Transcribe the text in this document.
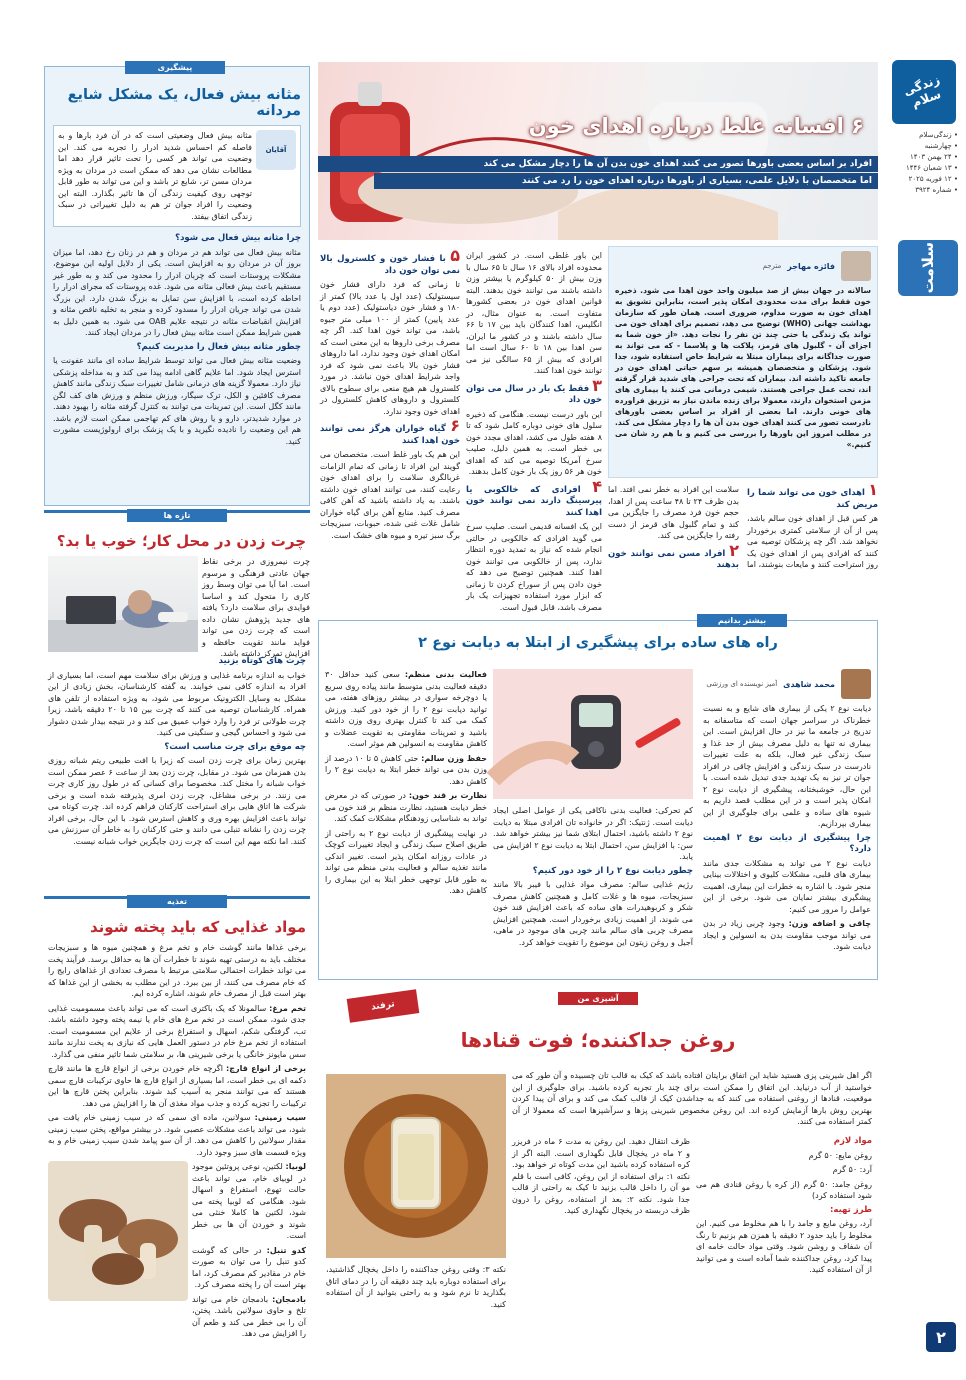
زندگی سلام
• زندگی‌سلام
• چهارشنبه
• ۲۴ بهمن ۱۴۰۳
• ۱۳ شعبان ۱۴۴۶
• ۱۲ فوریه ۲۰۲۵
• شماره ۳۹۲۴
سلامت
۲
۶ افسانه غلط درباره اهدای خون
افراد بر اساس بعضی باورها تصور می کنند اهدای خون بدن آن ها را دچار مشکل می کند
اما متخصصان با دلایل علمی، بسیاری از باورها درباره اهدای خون را رد می کنند
فائزه مهاجر
مترجم
سالانه در جهان بیش از صد میلیون واحد خون اهدا می شود. ذخیره خون فقط برای مدت محدودی امکان پذیر است، بنابراین تشویق به اهدای خون به صورت مداوم، ضروری است. همان طور که سازمان بهداشت جهانی (WHO) توضیح می دهد، تصمیم برای اهدای خون می تواند یک زندگی یا حتی چند تن نفر را نجات دهد. «از خون شما به اجزای آن - گلبول های قرمز، پلاکت ها و پلاسما - که می تواند به صورت جداگانه برای بیماران مبتلا به شرایط خاص استفاده شود، جدا شود. پزشکان و متخصصان همیشه بر سهم حیاتی اهدای خون در جامعه تاکید داشته اند. بیماران که تحت جراحی های شدید قرار گرفته اند، تحت عمل جراحی هستند. شیمی درمانی می کنند یا بیماری های مزمن استخوان دارند، معمولا برای زنده ماندن نیاز به تزریق فراورده های خونی دارند. اما بعضی از افراد بر اساس بعضی باورهای نادرست تصور می کنند اهدای خون بدن آن ها را دچار مشکل می کند. در مطلب امروز این باورها را بررسی می کنیم و با هم رد شان می کنیم.»

این باور غلطی است. در کشور ایران محدوده افراد بالای ۱۶ سال تا ۶۵ سال با وزن بیش از ۵۰ کیلوگرم یا بیشتر وزن داشته باشند می توانند خون بدهند. البته قوانین اهدای خون در بعضی کشورها متفاوت است. به عنوان مثال، در انگلیس، اهدا کنندگان باید بین ۱۷ تا ۶۶ سال داشته باشند و در کشور ما ایران، سن اهدا بین ۱۸ تا ۶۰ سال است اما افرادی که بیش از ۶۵ سالگی نیز می توانند خون اهدا کنند.

۳ فقط یک بار در سال می توان خون داد

این باور درست نیست. هنگامی که ذخیره سلول های خونی دوباره کامل شود که تا ۸ هفته طول می کشد، اهدای مجدد خون بی خطر است. به همین دلیل، صلیب سرخ آمریکا توصیه می کند که اهدای خون هر ۵۶ روز یک بار خون کامل بدهند.

۴ افرادی که خالکوبی یا پیرسینگ دارند نمی توانند خون اهدا کنند

این یک افسانه قدیمی است. صلیب سرخ می گوید افرادی که خالکوبی در حالتی انجام شده که نیاز به تمدید دوره انتظار ندارد، پس از خالکوبی می توانند خون اهدا کنند. همچنین توضیح می دهد که خون دادن پس از سوراخ کردن تا زمانی که ابزار مورد استفاده تجهیزات یک بار مصرف باشد، قابل قبول است.

۵ با فشار خون و کلسترول بالا نمی توان خون داد

تا زمانی که فرد دارای فشار خون سیستولیک (عدد اول یا عدد بالا) کمتر از ۱۸۰ و فشار خون دیاستولیک (عدد دوم یا عدد پایین) کمتر از ۱۰۰ میلی متر جیوه باشد، می تواند خون اهدا کند. اگر چه مصرف برخی داروها به این معنی است که امکان اهدای خون وجود ندارد، اما داروهای فشار خون بالا باعث نمی شود که فرد واجد شرایط اهدای خون نباشد. در مورد کلسترول هم هیچ منعی برای سطوح بالای کلسترول و داروهای کاهش کلسترول در اهدای خون وجود ندارد.

۶ گیاه خواران هرگز نمی توانند خون اهدا کنند

این هم یک باور غلط است. متخصصان می گویند این افراد تا زمانی که تمام الزامات غربالگری سلامت را برای اهدای خون رعایت کنند، می توانند اهدای خون داشته باشند. به یاد داشته باشید که آهن کافی مصرف کنید. منابع آهن برای گیاه خواران شامل غلات غنی شده، حبوبات، سبزیجات برگ سبز تیره و میوه های خشک است.

۱ اهدای خون می تواند شما را مریض کند

هر کس قبل از اهدای خون سالم باشد، پس از آن از سلامتی کمتری برخوردار نخواهد شد. اگر چه پزشکان توصیه می کنند که افرادی پس از اهدای خون یک روز استراحت کنند و مایعات بنوشند، اما سلامت این افراد به خطر نمی افتد. اما بدن ظرف ۲۴ تا ۴۸ ساعت پس از اهدا، حجم خون فرد مصرف را جایگزین می کند و تمام گلبول های قرمز از دست رفته را جایگزین می کند.

۲ افراد مسن نمی توانند خون بدهند
پیشگیری
مثانه بیش فعال، یک مشکل شایع مردانه
آقایان
مثانه بیش فعال وضعیتی است که در آن فرد بارها و به فاصله کم احساس شدید ادرار را تجربه می کند. این وضعیت می تواند هر کسی را تحت تاثیر قرار دهد اما مطالعات نشان می دهد که ممکن است در مردان به ویژه مردان مسن تر، شایع تر باشد و این می تواند به طور قابل توجهی روی کیفیت زندگی آن ها تاثیر بگذارد. البته این وضعیت را افراد جوان تر هم به دلیل تغییراتی در سبک زندگی اتفاق بیفتد.
چرا مثانه بیش فعال می شود؟

مثانه بیش فعال می تواند هم در مردان و هم در زنان رخ دهد، اما میزان بروز آن در مردان رو به افزایش است. یکی از دلایل اولیه این موضوع، مشکلات پروستات است که چربان ادرار را محدود می کند و به طور غیر مستقیم باعث بیش فعالی مثانه می شود. غده پروستات که مجرای ادرار را احاطه کرده است، با افزایش سن تمایل به بزرگ شدن دارد. این بزرگ شدن می تواند جریان ادرار را مسدود کرده و منجر به تخلیه ناقص مثانه و افزایش انقباضات مثانه در نتیجه علایم OAB می شود. به همین دلیل به همین شرایط ممکن است مثانه بیش فعال را در مردان ایجاد کنند.

چطور مثانه بیش فعال را مدیریت کنیم؟

وضعیت مثانه بیش فعال می تواند توسط شرایط ساده ای مانند عفونت یا استرس ایجاد شود. اما علایم گاهی ادامه پیدا می کند و به مداخله پزشکی نیاز دارد. معمولا گزینه های درمانی شامل تغییرات سبک زندگی مانند کاهش مصرف کافئین و الکل، ترک سیگار، ورزش منظم و ورزش های کف لگن مانند کگل است. این تمرینات می توانند به کنترل گرفته مثانه را بهبود دهند. در موارد شدیدتر، دارو و یا روش های کم تهاجمی ممکن است لازم باشد. هم این وضعیت را نادیده نگیرید و با یک پزشک برای ارولوژیست مشورت کنید.

تازه ها
چرت زدن در محل کار؛ خوب یا بد؟
چرت نیمروزی در برخی نقاط جهان عادتی فرهنگی و مرسوم است. اما آیا می توان وسط روز کاری را متحول کند و اساسا فوایدی برای سلامت دارد؟ یافته های جدید پژوهش نشان داده است که چرت زدن می تواند فواید مانند تقویت حافظه و افزایش تمرکز داشته باشد.
چرت های کوتاه بزنید

خواب به اندازه برنامه غذایی و ورزش برای سلامت مهم است، اما بسیاری از افراد به اندازه کافی نمی خوابند. به گفته کارشناسان، بخش زیادی از این مشکل به وسایل الکترونیک مربوط می شود، به ویژه استفاده از تلفن های همراه. کارشناسان توصیه می کنند که چرت بین ۱۵ تا ۲۰ دقیقه باشد، زیرا چرت طولانی تر فرد را وارد خواب عمیق می کند و در نتیجه بیدار شدن دشوار می شود و احساس گیجی و سنگینی می کنید.

چه موقع برای چرت مناسب است؟

بهترین زمان برای چرت زدن است که زیرا با افت طبیعی ریتم شبانه روزی بدن همزمان می شود. در مقابل، چرت زدن بعد از ساعت ۶ عصر ممکن است خواب شبانه را مختل کند. مخصوصا برای کسانی که در طول روز کاری چرت می زنند. در برخی مشاغل، چرت زدن امری پذیرفته شده است و برخی شرکت ها اتاق هایی برای استراحت کارکنان فراهم کرده اند. چرت کوتاه می تواند باعث افزایش بهره وری و کاهش استرس شود. با این حال، برخی افراد چرت زدن را نشانه تنبلی می دانند و حتی کارکنان را به خاطر آن سرزنش می کنند. اما نکته مهم این است که چرت زدن جایگزین خواب شبانه نیست.

تغذیه
مواد غذایی که باید پخته شوند

برخی غذاها مانند گوشت خام و تخم مرغ و همچنین میوه ها و سبزیجات مختلف باید به درستی تهیه شوند تا خطرات آن ها به حداقل برسد. فرآیند پخت می تواند خطرات احتمالی سلامتی مرتبط با مصرف تعدادی از غذاهای رایج را که خام مصرف می کنند، از بین ببرد. در این مطلب به بخشی از این غذاها که بهتر است قبل از مصرف خام شوند، اشاره کرده ایم.

تخم مرغ: سالمونلا که یک باکتری است که می تواند باعث مسمومیت غذایی جدی شود، ممکن است در تخم مرغ های خام یا نیمه پخته وجود داشته باشد. تب، گرفتگی شکم، اسهال و استفراغ برخی از علایم این مسمومیت است. استفاده از تخم مرغ خام در دستور العمل هایی که نیازی به پخت ندارند مانند سس مایونز خانگی یا برخی شیرینی ها، بر سلامتی شما تاثیر منفی می گذارد.

برخی از انواع قارچ: اگرچه خام خوردن برخی از انواع قارچ ها مانند قارچ دکمه ای بی خطر است، اما بسیاری از انواع قارچ ها حاوی ترکیبات قارچ سمی هستند که می توانند منجر به آسیب کبد شوند. بنابراین پختن قارچ ها این ترکیبات را تجزیه کرده و جذب مواد مغذی آن ها را افزایش می دهد.

سیب زمینی: سولانین، ماده ای سمی که در سیب زمینی خام یافت می شود، می تواند باعث مشکلات عصبی شود. در بیشتر مواقع، پختن سیب زمینی مقدار سولانین را کاهش می دهد. از آن سو پیامد شدن سیب زمینی خام و به ویژه قسمت های سبز وجود دارد.

لوبیا: لکتین، نوعی پروتئین موجود در لوبیای خام، می تواند باعث حالت تهوع، استفراغ و اسهال شود. هنگامی که لوبیا پخته می شود، لکتین ها کاملا خنثی می شوند و خوردن آن ها بی خطر است.

کدو تنبل: در حالی که گوشت کدو تنبل را می توان به صورت خام در مقادیر کم مصرف کرد، اما بهتر است آن را پخته مصرف کرد.

بادمجان: بادمجان خام می تواند تلخ و حاوی سولانین باشد. پختن، آن را بی خطر می کند و طعم آن را افزایش می دهد.

بیشتر بدانیم
راه های ساده برای پیشگیری از ابتلا به دیابت نوع ۲
محمد شاهدی
آمیز نویسنده ای ورزشی

دیابت نوع ۲ یکی از بیماری های شایع و به نسبت خطرناک در سراسر جهان است که متاسفانه به تدریج در جامعه ما نیز در حال افزایش است. این بیماری نه تنها به دلیل مصرف بیش از حد غذا و سبک زندگی غیر فعال، بلکه به علت تغییرات نادرست در سبک زندگی و افزایش چاقی در افراد جوان تر نیز به یک تهدید جدی تبدیل شده است. با این حال، خوشبختانه، پیشگیری از دیابت نوع ۲ امکان پذیر است و در این مطلب قصد داریم به شیوه های ساده و علمی برای جلوگیری از این بیماری بپردازیم.

چرا پیشگیری از دیابت نوع ۲ اهمیت دارد؟

دیابت نوع ۲ می تواند به مشکلات جدی مانند بیماری های قلبی، مشکلات کلیوی و اختلالات بینایی منجر شود. با اشاره به خطرات این بیماری، اهمیت پیشگیری بیشتر نمایان می شود. برخی از این عوامل را مرور می کنیم:

چاقی و اضافه وزن: وجود چربی زیاد در بدن می تواند موجب مقاومت بدن به انسولین و ایجاد دیابت شود.

کم تحرکی: فعالیت بدنی ناکافی یکی از عوامل اصلی ایجاد دیابت است. ژنتیک: اگر در خانواده تان افرادی مبتلا به دیابت نوع ۲ داشته باشید، احتمال ابتلای شما نیز بیشتر خواهد شد. سن: با افزایش سن، احتمال ابتلا به دیابت نوع ۲ افزایش می یابد.

چطور دیابت نوع ۲ را از خود دور کنیم؟

رژیم غذایی سالم: مصرف مواد غذایی با فیبر بالا مانند سبزیجات، میوه ها و غلات کامل و همچنین کاهش مصرف شکر و کربوهیدرات های ساده که باعث افزایش قند خون می شوند، از اهمیت زیادی برخوردار است. همچنین افزایش مصرف چربی های سالم مانند چربی های موجود در ماهی، آجیل و روغن زیتون این موضوع را تقویت خواهد کرد.

فعالیت بدنی منظم: سعی کنید حداقل ۳۰ دقیقه فعالیت بدنی متوسط مانند پیاده روی سریع یا دوچرخه سواری در بیشتر روزهای هفته، می توانید دیابت نوع ۲ را از خود دور کنید. ورزش کمک می کند تا کنترل بهتری روی وزن داشته باشید و تمرینات مقاومتی به تقویت عضلات و کاهش مقاومت به انسولین هم موثر است.

حفظ وزن سالم: حتی کاهش ۵ تا ۱۰ درصد از وزن بدن می تواند خطر ابتلا به دیابت نوع ۲ را کاهش دهد.

نظارت بر قند خون: در صورتی که در معرض خطر دیابت هستید، نظارت منظم بر قند خون می تواند به شناسایی زودهنگام مشکلات کمک کند.

در نهایت پیشگیری از دیابت نوع ۲ به راحتی از طریق اصلاح سبک زندگی و ایجاد تغییرات کوچک در عادات روزانه امکان پذیر است. تغییر اندکی مانند تغذیه سالم و فعالیت بدنی منظم می تواند به طور قابل توجهی خطر ابتلا به این بیماری را کاهش دهد.

ترفند
آشپزی من
روغن جداکننده؛ فوت قنادها
اگر اهل شیرینی پزی هستید شاید این اتفاق برایتان افتاده باشد که کیک به قالب تان چسبیده و آن طور که می خواستید از آب درنیاید. این اتفاق را ممکن است برای چند بار تجربه کرده باشید. برای جلوگیری از این موقعیت، قنادها از روغنی استفاده می کنند که به جداشدن کیک از قالب کمک می کند و برای آن پیدا کردن بهترین روش بارها آزمایش کرده اند. این روغن مخصوص شیرینی پزها و سرآشپزها است که معمولا از آن کمتر استفاده می کنند.
مواد لازم

روغن مایع: ۵۰ گرم

آرد: ۵۰ گرم

روغن جامد: ۵۰ گرم (از کره یا روغن قنادی هم می شود استفاده کرد)

طرز تهیه:

آرد، روغن مایع و جامد را با هم مخلوط می کنیم. این مخلوط را باید حدود ۲ دقیقه با همزن هم بزنیم تا رنگ آن شفاف و روشن شود. وقتی مواد حالت خامه ای پیدا کرد، روغن جداکننده شما آماده است و می توانید از آن استفاده کنید.

ظرف انتقال دهید. این روغن به مدت ۶ ماه در فریزر و ۲ ماه در یخچال قابل نگهداری است. البته اگر از کره استفاده کرده باشید این مدت کوتاه تر خواهد بود. نکته ۱: برای استفاده از این روغن، کافی است با قلم مو آن را داخل قالب بزنید تا کیک به راحتی از قالب جدا شود. نکته ۲: بعد از استفاده، روغن را درون ظرف دربسته در یخچال نگهداری کنید.
نکته ۳: وقتی روغن جداکننده را داخل یخچال گذاشتید، برای استفاده دوباره باید چند دقیقه آن را در دمای اتاق بگذارید تا نرم شود و به راحتی بتوانید از آن استفاده کنید.
